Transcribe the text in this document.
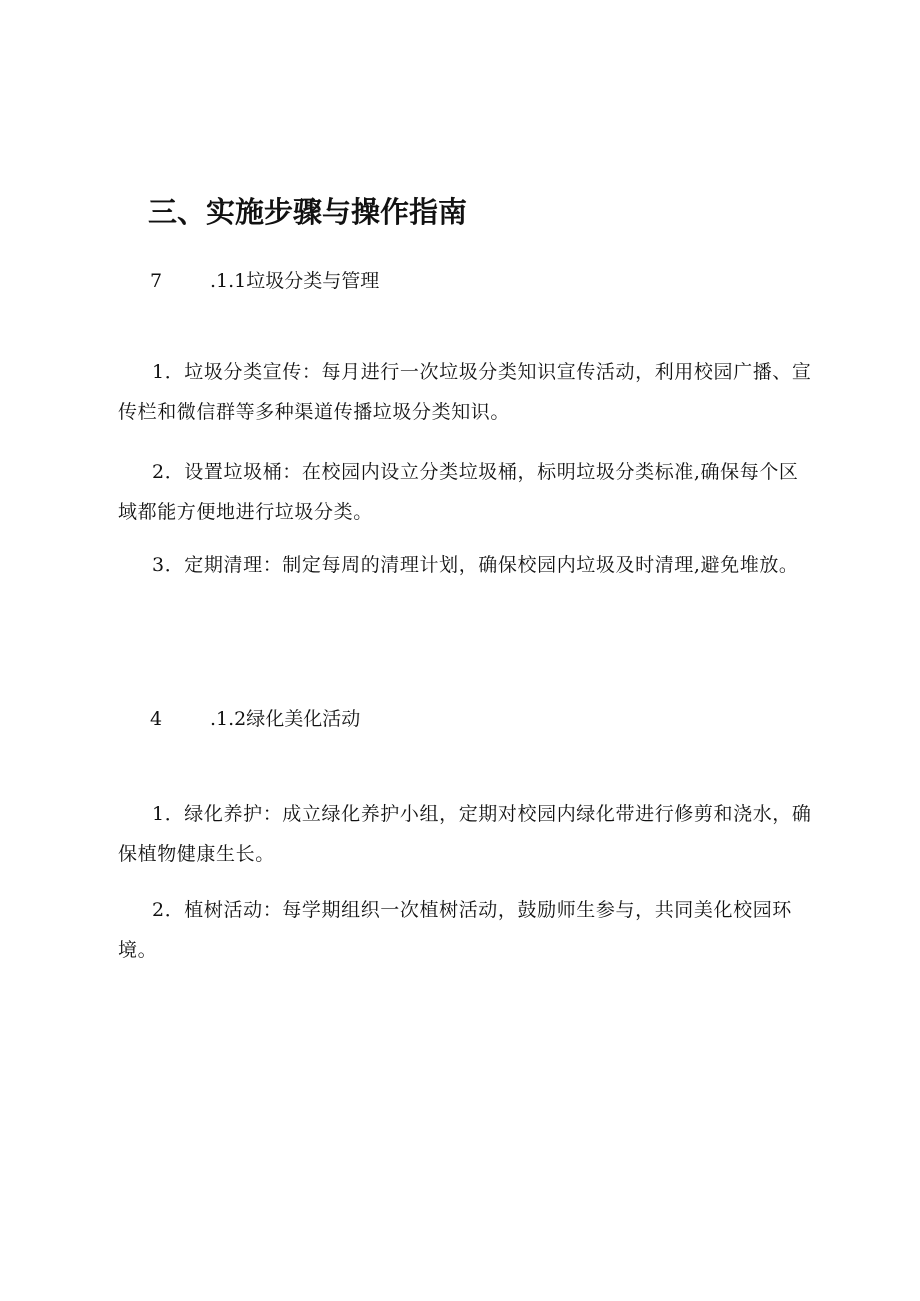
三、实施步骤与操作指南
7	.1.1垃圾分类与管理
1．垃圾分类宣传：每月进行一次垃圾分类知识宣传活动，利用校园广播、宣传栏和微信群等多种渠道传播垃圾分类知识。
2．设置垃圾桶：在校园内设立分类垃圾桶，标明垃圾分类标准,确保每个区域都能方便地进行垃圾分类。
3．定期清理：制定每周的清理计划，确保校园内垃圾及时清理,避免堆放。
4	.1.2绿化美化活动
1．绿化养护：成立绿化养护小组，定期对校园内绿化带进行修剪和浇水，确保植物健康生长。
2．植树活动：每学期组织一次植树活动，鼓励师生参与，共同美化校园环境。
